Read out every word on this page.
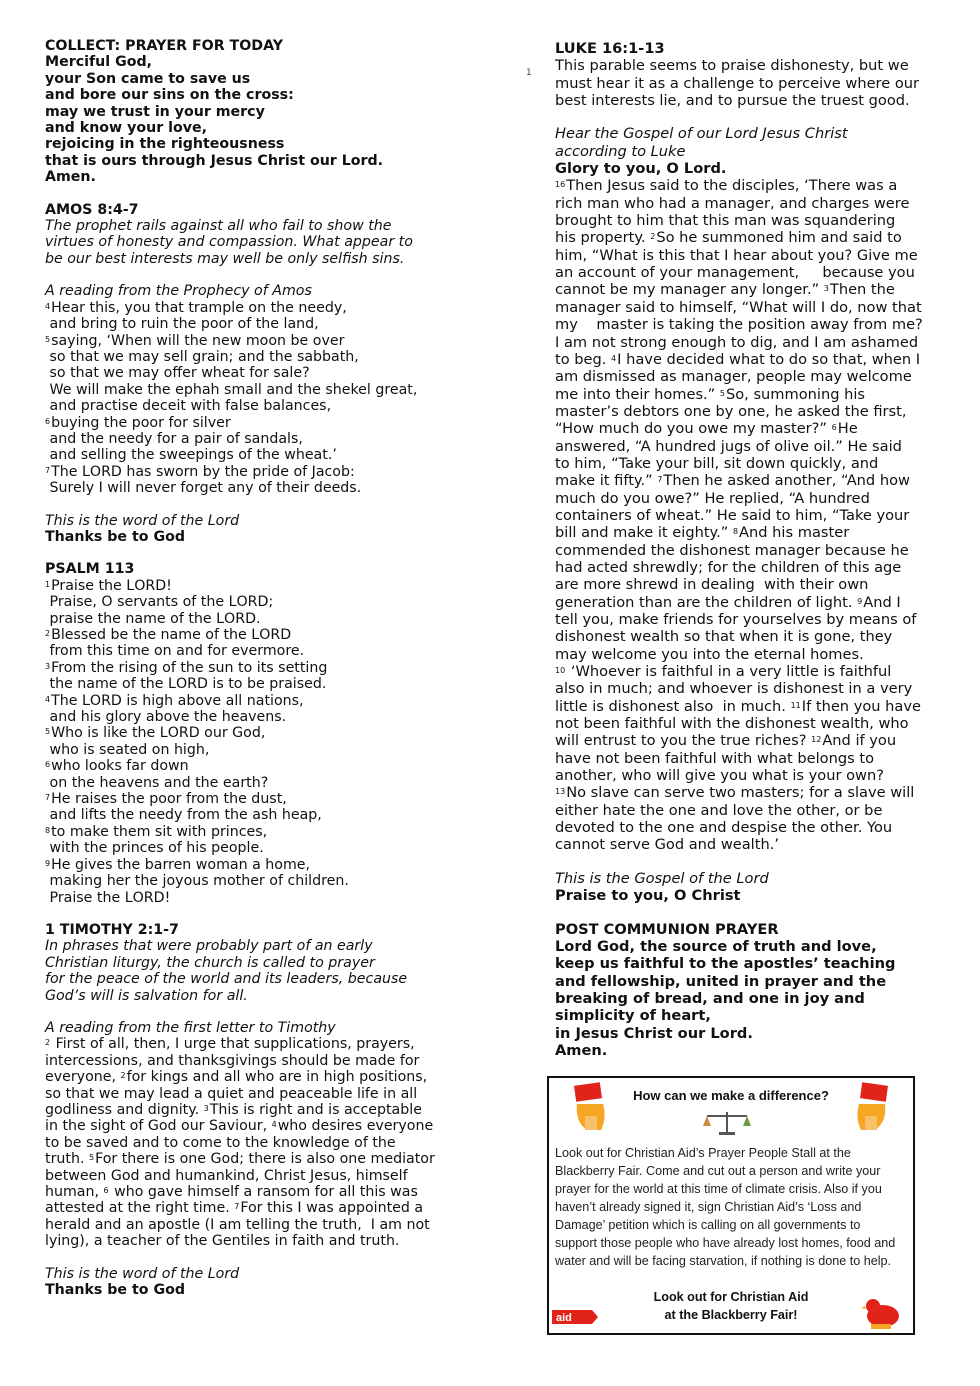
COLLECT: PRAYER FOR TODAY
Merciful God,
your Son came to save us
and bore our sins on the cross:
may we trust in your mercy
and know your love,
rejoicing in the righteousness
that is ours through Jesus Christ our Lord.
Amen.
AMOS 8:4-7
The prophet rails against all who fail to show the
virtues of honesty and compassion. What appear to
be our best interests may well be only selfish sins.
A reading from the Prophecy of Amos
$^4$Hear this, you that trample on the needy,
and bring to ruin the poor of the land,
$^5$saying, ‘When will the new moon be over
so that we may sell grain; and the sabbath,
so that we may offer wheat for sale?
We will make the ephah small and the shekel great,
and practise deceit with false balances,
$^6$buying the poor for silver
and the needy for a pair of sandals,
and selling the sweepings of the wheat.’
$^7$The LORD has sworn by the pride of Jacob:
Surely I will never forget any of their deeds.
This is the word of the Lord
Thanks be to God
PSALM 113
$^1$Praise the LORD!
Praise, O servants of the LORD;
praise the name of the LORD.
$^2$Blessed be the name of the LORD
from this time on and for evermore.
$^3$From the rising of the sun to its setting
the name of the LORD is to be praised.
$^4$The LORD is high above all nations,
and his glory above the heavens.
$^5$Who is like the LORD our God,
who is seated on high,
$^6$who looks far down
on the heavens and the earth?
$^7$He raises the poor from the dust,
and lifts the needy from the ash heap,
$^8$to make them sit with princes,
with the princes of his people.
$^9$He gives the barren woman a home,
making her the joyous mother of children.
Praise the LORD!
1 TIMOTHY 2:1-7
In phrases that were probably part of an early
Christian liturgy, the church is called to prayer
for the peace of the world and its leaders, because
God’s will is salvation for all.
A reading from the first letter to Timothy
$^2$ First of all, then, I urge that supplications, prayers,
intercessions, and thanksgivings should be made for
everyone, $^2$for kings and all who are in high positions,
so that we may lead a quiet and peaceable life in all
godliness and dignity. $^3$This is right and is acceptable
in the sight of God our Saviour, $^4$who desires everyone
to be saved and to come to the knowledge of the
truth. $^5$For there is one God; there is also one mediator
between God and humankind, Christ Jesus, himself
human, $^6$ who gave himself a ransom for all this was
attested at the right time. $^7$For this I was appointed a
herald and an apostle (I am telling the truth,  I am not
lying), a teacher of the Gentiles in faith and truth.
This is the word of the Lord
Thanks be to God
LUKE 16:1-13
This parable seems to praise dishonesty, but we
must hear it as a challenge to perceive where our
best interests lie, and to pursue the truest good.
Hear the Gospel of our Lord Jesus Christ
according to Luke
Glory to you, O Lord.
$^{16}$Then Jesus said to the disciples, ‘There was a
rich man who had a manager, and charges were
brought to him that this man was squandering
his property. $^2$So he summoned him and said to
him, “What is this that I hear about you? Give me
an account of your management,     because you
cannot be my manager any longer.” $^3$Then the
manager said to himself, “What will I do, now that
my    master is taking the position away from me?
I am not strong enough to dig, and I am ashamed
to beg. $^4$I have decided what to do so that, when I
am dismissed as manager, people may welcome
me into their homes.” $^5$So, summoning his
master’s debtors one by one, he asked the first,
“How much do you owe my master?” $^6$He
answered, “A hundred jugs of olive oil.” He said
to him, “Take your bill, sit down quickly, and
make it fifty.” $^7$Then he asked another, “And how
much do you owe?” He replied, “A hundred
containers of wheat.” He said to him, “Take your
bill and make it eighty.” $^8$And his master
commended the dishonest manager because he
had acted shrewdly; for the children of this age
are more shrewd in dealing  with their own
generation than are the children of light. $^9$And I
tell you, make friends for yourselves by means of
dishonest wealth so that when it is gone, they
may welcome you into the eternal homes.
$^{10}$ ‘Whoever is faithful in a very little is faithful
also in much; and whoever is dishonest in a very
little is dishonest also  in much. $^{11}$If then you have
not been faithful with the dishonest wealth, who
will entrust to you the true riches? $^{12}$And if you
have not been faithful with what belongs to
another, who will give you what is your own?
$^{13}$No slave can serve two masters; for a slave will
either hate the one and love the other, or be
devoted to the one and despise the other. You
cannot serve God and wealth.’
This is the Gospel of the Lord
Praise to you, O Christ
POST COMMUNION PRAYER
Lord God, the source of truth and love,
keep us faithful to the apostles’ teaching
and fellowship, united in prayer and the
breaking of bread, and one in joy and
simplicity of heart,
in Jesus Christ our Lord.
Amen.
1
How can we make a difference?
Look out for Christian Aid’s Prayer People Stall at the Blackberry Fair. Come and cut out a person and write your prayer for the world at this time of climate crisis. Also if you haven’t already signed it, sign Christian Aid’s ‘Loss and Damage’ petition which is calling on all governments to support those people who have already lost homes, food and water and will be facing starvation, if nothing is done to help.
Look out for Christian Aid
at the Blackberry Fair!
aid
